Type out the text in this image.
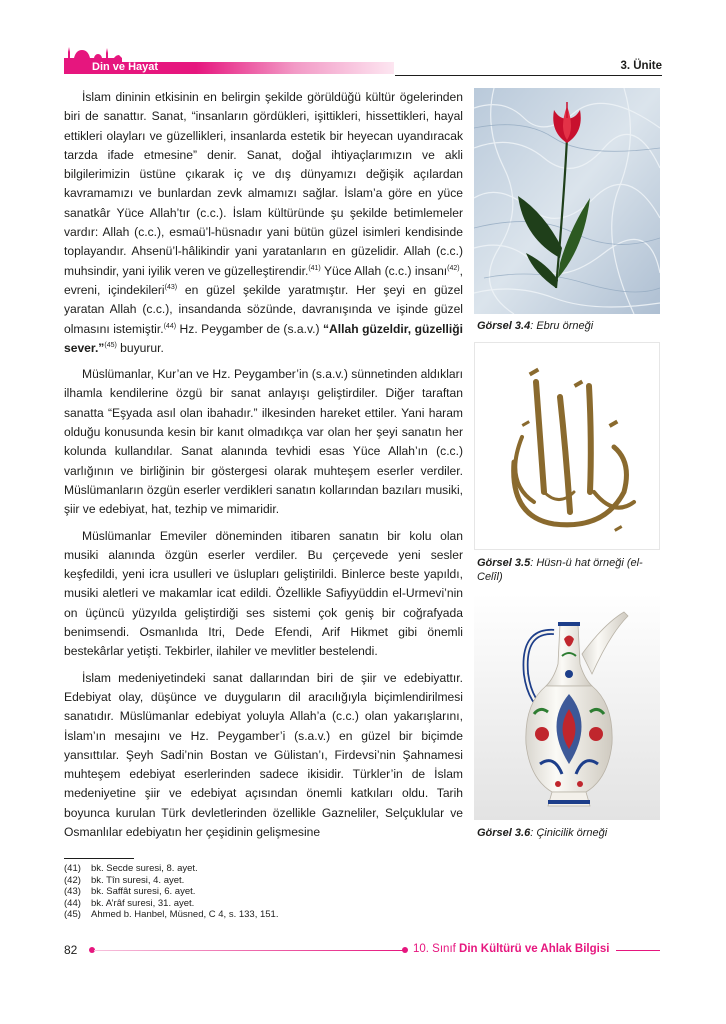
Din ve Hayat	3. Ünite

İslam dininin etkisinin en belirgin şekilde görüldüğü kültür ögelerinden biri de sanattır. Sanat, “insanların gördükleri, işittikleri, hissettikleri, hayal ettikleri olayları ve güzellikleri, insanlarda estetik bir heyecan uyandıracak tarzda ifade etmesine” denir. Sanat, doğal ihtiyaçlarımızın ve akli bilgilerimizin üstüne çıkarak iç ve dış dünyamızı değişik açılardan kavramamızı ve bunlardan zevk almamızı sağlar. İslam’a göre en yüce sanatkâr Yüce Allah’tır (c.c.). İslam kültüründe şu şekilde betimlemeler vardır: Allah (c.c.), esmaü’l-hüsnadır yani bütün güzel isimleri kendisinde toplayandır. Ahsenü’l-hâlikindir yani yaratanların en güzelidir. Allah (c.c.) muhsindir, yani iyilik veren ve güzelleştirendir.$^{(41)}$ Yüce Allah (c.c.) insanı$^{(42)}$, evreni, içindekileri$^{(43)}$ en güzel şekilde yaratmıştır. Her şeyi en güzel yaratan Allah (c.c.), insandanda sözünde, davranışında ve işinde güzel olmasını istemiştir.$^{(44)}$ Hz. Peygamber de (s.a.v.) “Allah güzeldir, güzelliği sever.”$^{(45)}$ buyurur.

Müslümanlar, Kur’an ve Hz. Peygamber’in (s.a.v.) sünnetinden aldıkları ilhamla kendilerine özgü bir sanat anlayışı geliştirdiler. Diğer taraftan sanatta “Eşyada asıl olan ibahadır.” ilkesinden hareket ettiler. Yani haram olduğu konusunda kesin bir kanıt olmadıkça var olan her şeyi sanatın her kolunda kullandılar. Sanat alanında tevhidi esas Yüce Allah’ın (c.c.) varlığının ve birliğinin bir göstergesi olarak muhteşem eserler verdiler. Müslümanların özgün eserler verdikleri sanatın kollarından bazıları musiki, şiir ve edebiyat, hat, tezhip ve mimaridir.

Müslümanlar Emeviler döneminden itibaren sanatın bir kolu olan musiki alanında özgün eserler verdiler. Bu çerçevede yeni sesler keşfedildi, yeni icra usulleri ve üslupları geliştirildi. Binlerce beste yapıldı, musiki aletleri ve makamlar icat edildi. Özellikle Safiyyüddin el-Urmevi’nin on üçüncü yüzyılda geliştirdiği ses sistemi çok geniş bir coğrafyada benimsendi. Osmanlıda Itri, Dede Efendi, Arif Hikmet gibi önemli bestekârlar yetişti. Tekbirler, ilahiler ve mevlitler bestelendi.

İslam medeniyetindeki sanat dallarından biri de şiir ve edebiyattır. Edebiyat olay, düşünce ve duyguların dil aracılığıyla biçimlendirilmesi sanatıdır. Müslümanlar edebiyat yoluyla Allah’a (c.c.) olan yakarışlarını, İslam’ın mesajını ve Hz. Peygamber’i (s.a.v.) en güzel bir biçimde yansıttılar. Şeyh Sadi’nin Bostan ve Gülistan’ı, Firdevsi’nin Şahnamesi muhteşem edebiyat eserlerinden sadece ikisidir. Türkler’in de İslam medeniyetine şiir ve edebiyat açısından önemli katkıları oldu. Tarih boyunca kurulan Türk devletlerinden özellikle Gazneliler, Selçuklular ve Osmanlılar edebiyatın her çeşidinin gelişmesine

Görsel 3.4: Ebru örneği
Görsel 3.5: Hüsn-ü hat örneği (el-Celîl)
Görsel 3.6: Çinicilik örneği
(41) bk. Secde suresi, 8. ayet.
(42) bk. Tîn suresi, 4. ayet.
(43) bk. Saffât suresi, 6. ayet.
(44) bk. A’râf suresi, 31. ayet.
(45) Ahmed b. Hanbel, Müsned, C 4, s. 133, 151.
82	10. Sınıf Din Kültürü ve Ahlak Bilgisi
